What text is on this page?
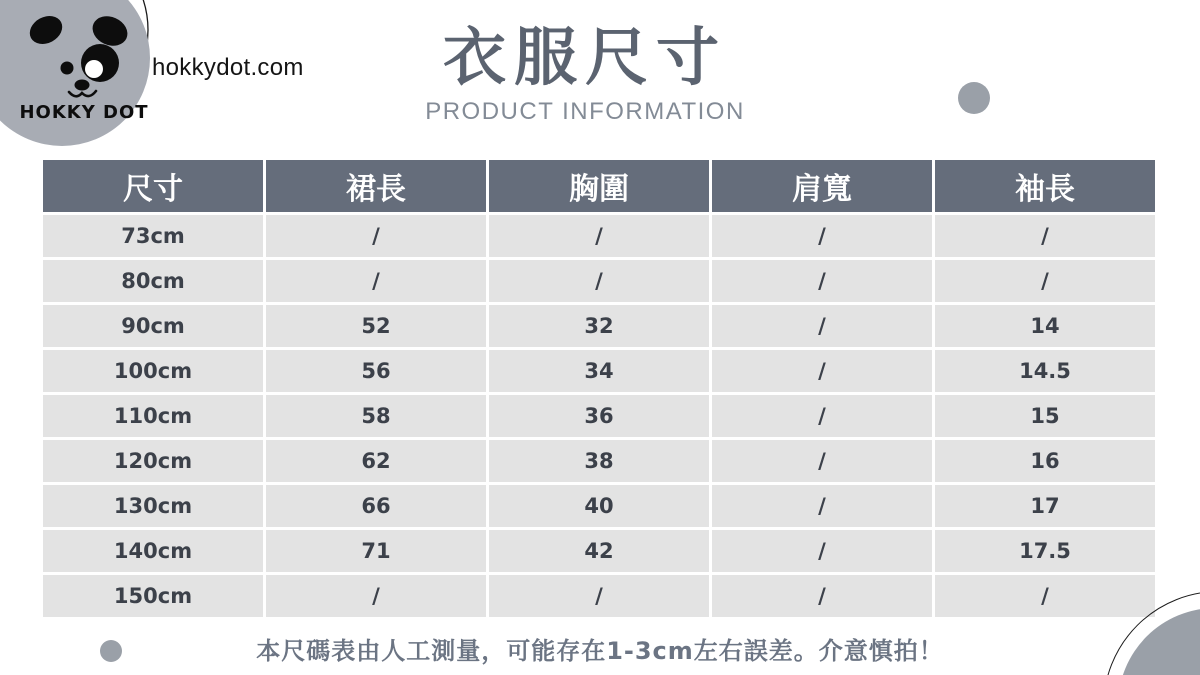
HOKKY DOT
hokkydot.com	衣服尺寸
PRODUCT INFORMATION
尺寸	裙長	胸圍	肩寬	袖長
73cm	/	/	/	/
80cm	/	/	/	/
90cm	52	32	/	14
100cm	56	34	/	14.5
110cm	58	36	/	15
120cm	62	38	/	16
130cm	66	40	/	17
140cm	71	42	/	17.5
150cm	/	/	/	/
本尺碼表由人工測量，可能存在1-3cm左右誤差。介意慎拍！
